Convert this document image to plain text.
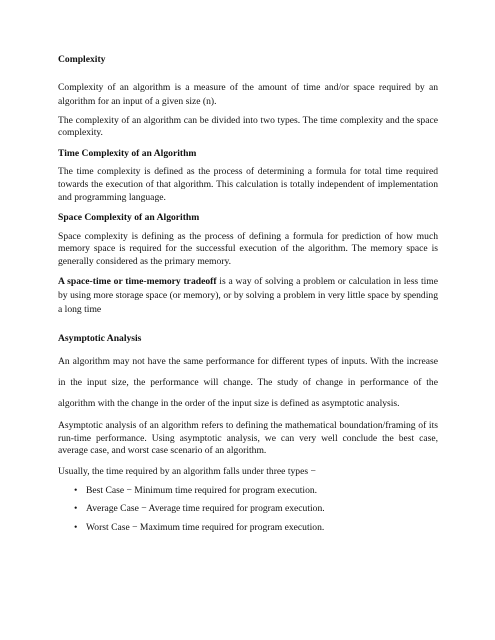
Complexity

Complexity of an algorithm is a measure of the amount of time and/or space required by an algorithm for an input of a given size (n).

The complexity of an algorithm can be divided into two types. The time complexity and the space complexity.

Time Complexity of an Algorithm

The time complexity is defined as the process of determining a formula for total time required towards the execution of that algorithm. This calculation is totally independent of implementation and programming language.

Space Complexity of an Algorithm

Space complexity is defining as the process of defining a formula for prediction of how much memory space is required for the successful execution of the algorithm. The memory space is generally considered as the primary memory.

A space-time or time-memory tradeoff is a way of solving a problem or calculation in less time by using more storage space (or memory), or by solving a problem in very little space by spending a long time

Asymptotic Analysis

An algorithm may not have the same performance for different types of inputs. With the increase in the input size, the performance will change. The study of change in performance of the algorithm with the change in the order of the input size is defined as asymptotic analysis.

Asymptotic analysis of an algorithm refers to defining the mathematical boundation/framing of its run-time performance. Using asymptotic analysis, we can very well conclude the best case, average case, and worst case scenario of an algorithm.

Usually, the time required by an algorithm falls under three types −

• Best Case − Minimum time required for program execution.
• Average Case − Average time required for program execution.
• Worst Case − Maximum time required for program execution.
